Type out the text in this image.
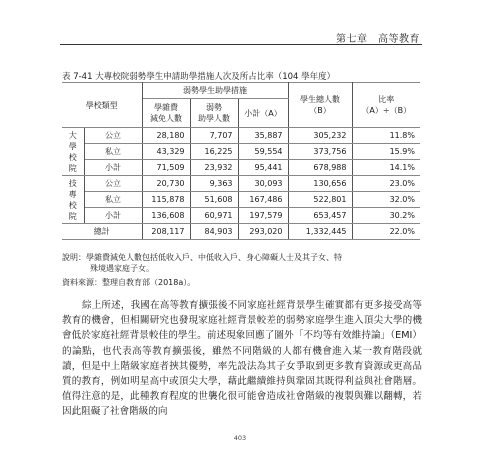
第七章　高等教育
表 7-41 大專校院弱勢學生申請助學措施人次及所占比率（104 學年度）
學校類型		弱勢學生助學措施			學生總人數
（B）	比率
（A）÷（B）
		學雜費
減免人數	弱勢
助學人數	小計（A）		
大
學
校
院	公立	28,180	7,707	35,887	305,232	11.8%
	私立	43,329	16,225	59,554	373,756	15.9%
	小計	71,509	23,932	95,441	678,988	14.1%
技
專
校
院	公立	20,730	9,363	30,093	130,656	23.0%
	私立	115,878	51,608	167,486	522,801	32.0%
	小計	136,608	60,971	197,579	653,457	30.2%
總計		208,117	84,903	293,020	1,332,445	22.0%

說明：學雜費減免人數包括低收入戶、中低收入戶、身心障礙人士及其子女、特

殊境遇家庭子女。

資料來源：整理自教育部（2018a）。

綜上所述，我國在高等教育擴張後不同家庭社經背景學生確實都有更多接受高等教育的機會，但相關研究也發現家庭社經背景較差的弱勢家庭學生進入頂尖大學的機會低於家庭社經背景較佳的學生。前述現象回應了圖外「不均等有效維持論」（EMI）的論點，也代表高等教育擴張後，雖然不同階級的人都有機會進入某一教育階段就讀，但是中上階級家庭者挾其優勢，率先設法為其子女爭取到更多教育資源或更高品質的教育，例如明星高中或頂尖大學，藉此繼續維持與鞏固其既得利益與社會階層。值得注意的是，此種教育程度的世襲化很可能會造成社會階級的複製與難以翻轉，若因此阻礙了社會階級的向

403
